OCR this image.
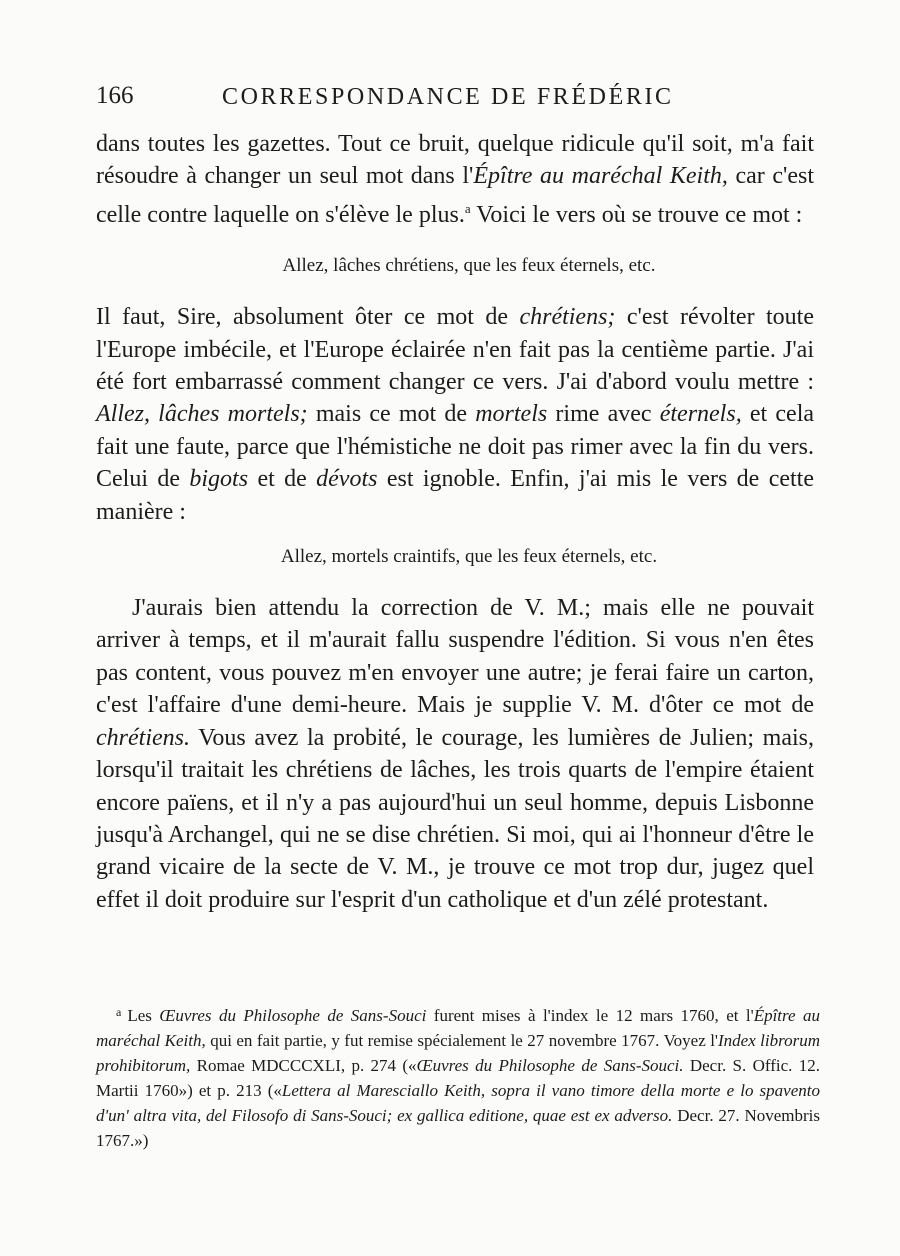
166	CORRESPONDANCE DE FRÉDÉRIC

dans toutes les gazettes. Tout ce bruit, quelque ridicule qu'il soit, m'a fait résoudre à changer un seul mot dans l'Épître au maréchal Keith, car c'est celle contre laquelle on s'élève le plus.$^a$ Voici le vers où se trouve ce mot :

Allez, lâches chrétiens, que les feux éternels, etc.

Il faut, Sire, absolument ôter ce mot de chrétiens; c'est révolter toute l'Europe imbécile, et l'Europe éclairée n'en fait pas la centième partie. J'ai été fort embarrassé comment changer ce vers. J'ai d'abord voulu mettre : Allez, lâches mortels; mais ce mot de mortels rime avec éternels, et cela fait une faute, parce que l'hémistiche ne doit pas rimer avec la fin du vers. Celui de bigots et de dévots est ignoble. Enfin, j'ai mis le vers de cette manière :

Allez, mortels craintifs, que les feux éternels, etc.

J'aurais bien attendu la correction de V. M.; mais elle ne pouvait arriver à temps, et il m'aurait fallu suspendre l'édition. Si vous n'en êtes pas content, vous pouvez m'en envoyer une autre; je ferai faire un carton, c'est l'affaire d'une demi-heure. Mais je supplie V. M. d'ôter ce mot de chrétiens. Vous avez la probité, le courage, les lumières de Julien; mais, lorsqu'il traitait les chrétiens de lâches, les trois quarts de l'empire étaient encore païens, et il n'y a pas aujourd'hui un seul homme, depuis Lisbonne jusqu'à Archangel, qui ne se dise chrétien. Si moi, qui ai l'honneur d'être le grand vicaire de la secte de V. M., je trouve ce mot trop dur, jugez quel effet il doit produire sur l'esprit d'un catholique et d'un zélé protestant.

$^a$ Les Œuvres du Philosophe de Sans-Souci furent mises à l'index le 12 mars 1760, et l'Épître au maréchal Keith, qui en fait partie, y fut remise spécialement le 27 novembre 1767. Voyez l'Index librorum prohibitorum, Romae MDCCCXLI, p. 274 («Œuvres du Philosophe de Sans-Souci. Decr. S. Offic. 12. Martii 1760») et p. 213 («Lettera al Maresciallo Keith, sopra il vano timore della morte e lo spavento d'un' altra vita, del Filosofo di Sans-Souci; ex gallica editione, quae est ex adverso. Decr. 27. Novembris 1767.»)
